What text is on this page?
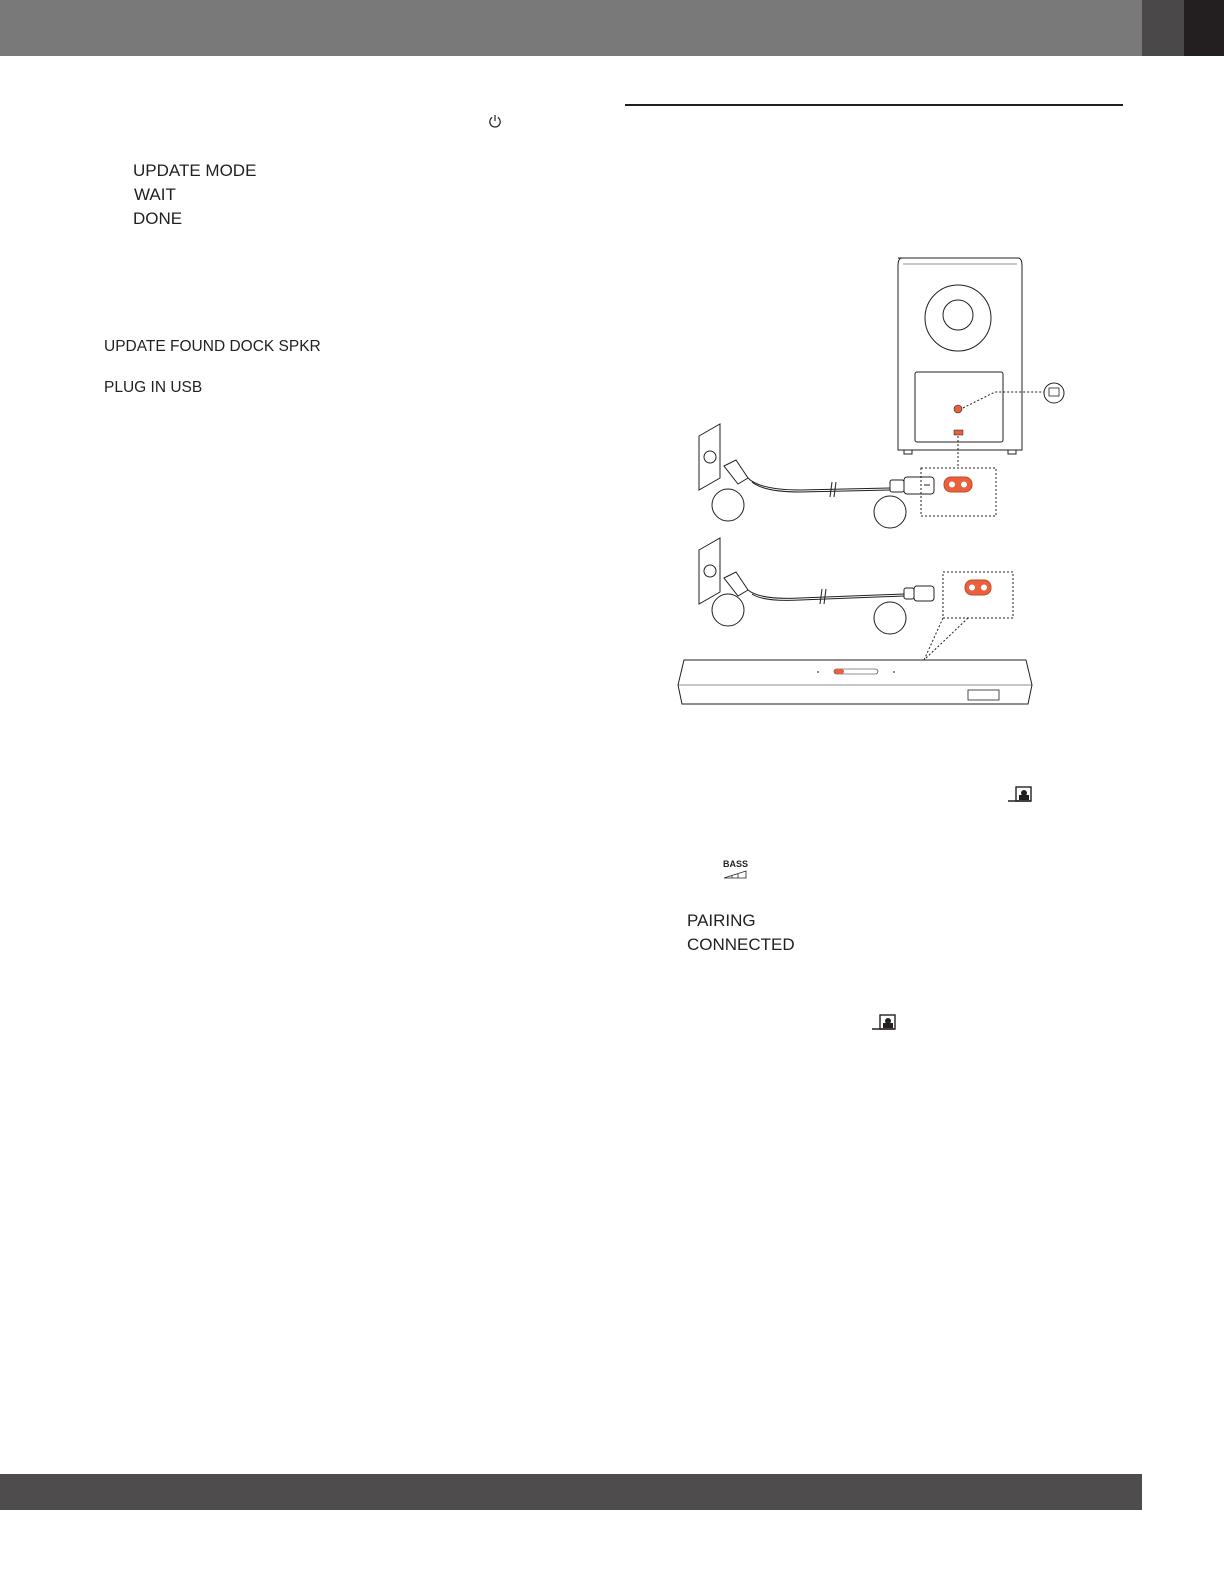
UPDATE MODE
WAIT
DONE
UPDATE FOUND DOCK SPKR
PLUG IN USB
BASS
PAIRING
CONNECTED
